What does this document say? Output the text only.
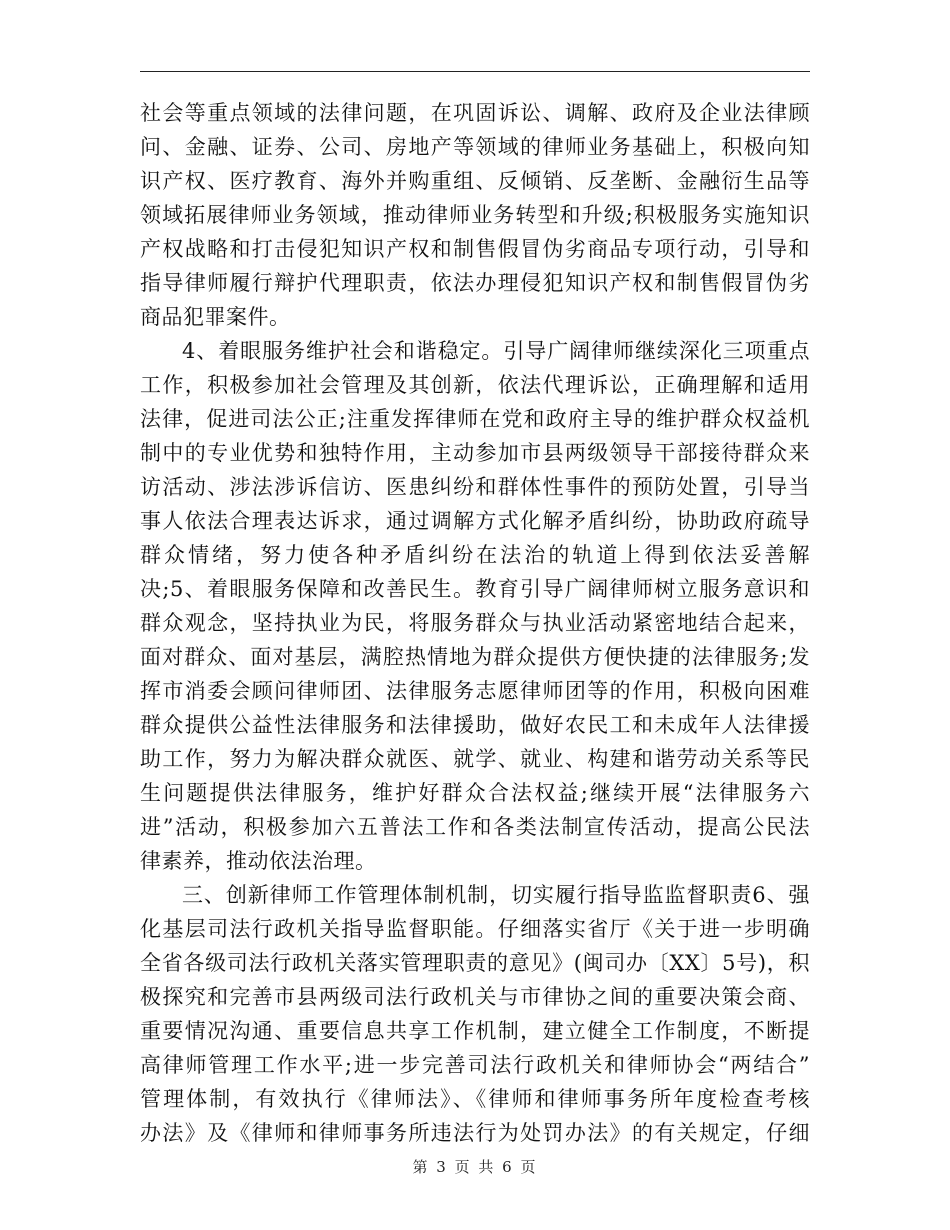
社会等重点领域的法律问题，在巩固诉讼、调解、政府及企业法律顾
问、金融、证券、公司、房地产等领域的律师业务基础上，积极向知
识产权、医疗教育、海外并购重组、反倾销、反垄断、金融衍生品等
领域拓展律师业务领域，推动律师业务转型和升级;积极服务实施知识
产权战略和打击侵犯知识产权和制售假冒伪劣商品专项行动，引导和
指导律师履行辩护代理职责，依法办理侵犯知识产权和制售假冒伪劣
商品犯罪案件。
4、着眼服务维护社会和谐稳定。引导广阔律师继续深化三项重点
工作，积极参加社会管理及其创新，依法代理诉讼，正确理解和适用
法律，促进司法公正;注重发挥律师在党和政府主导的维护群众权益机
制中的专业优势和独特作用，主动参加市县两级领导干部接待群众来
访活动、涉法涉诉信访、医患纠纷和群体性事件的预防处置，引导当
事人依法合理表达诉求，通过调解方式化解矛盾纠纷，协助政府疏导
群众情绪，努力使各种矛盾纠纷在法治的轨道上得到依法妥善解
决;5、着眼服务保障和改善民生。教育引导广阔律师树立服务意识和
群众观念，坚持执业为民，将服务群众与执业活动紧密地结合起来，
面对群众、面对基层，满腔热情地为群众提供方便快捷的法律服务;发
挥市消委会顾问律师团、法律服务志愿律师团等的作用，积极向困难
群众提供公益性法律服务和法律援助，做好农民工和未成年人法律援
助工作，努力为解决群众就医、就学、就业、构建和谐劳动关系等民
生问题提供法律服务，维护好群众合法权益;继续开展“法律服务六
进”活动，积极参加六五普法工作和各类法制宣传活动，提高公民法
律素养，推动依法治理。
三、创新律师工作管理体制机制，切实履行指导监监督职责6、强
化基层司法行政机关指导监督职能。仔细落实省厅《关于进一步明确
全省各级司法行政机关落实管理职责的意见》(闽司办〔XX〕5号)，积
极探究和完善市县两级司法行政机关与市律协之间的重要决策会商、
重要情况沟通、重要信息共享工作机制，建立健全工作制度，不断提
高律师管理工作水平;进一步完善司法行政机关和律师协会“两结合”
管理体制，有效执行《律师法》、《律师和律师事务所年度检查考核
办法》及《律师和律师事务所违法行为处罚办法》的有关规定，仔细
第 3 页 共 6 页
